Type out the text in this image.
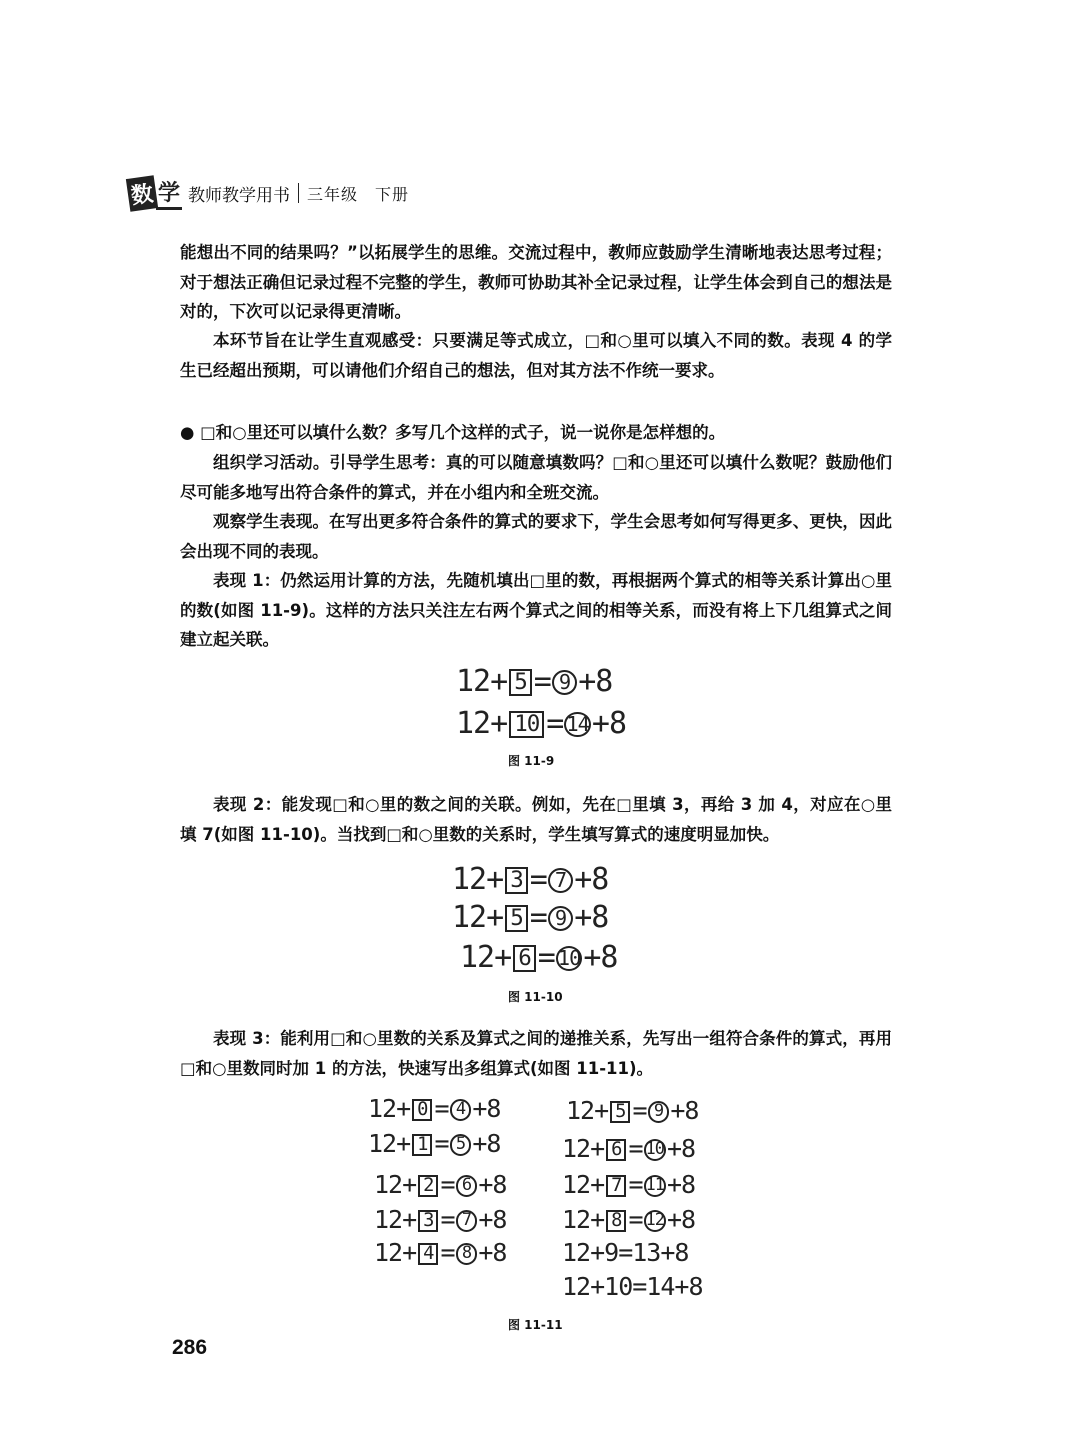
数 学 教师教学用书 三年级　下册

能想出不同的结果吗？”以拓展学生的思维。交流过程中，教师应鼓励学生清晰地表达思考过程；对于想法正确但记录过程不完整的学生，教师可协助其补全记录过程，让学生体会到自己的想法是对的，下次可以记录得更清晰。

本环节旨在让学生直观感受：只要满足等式成立，□和○里可以填入不同的数。表现 4 的学生已经超出预期，可以请他们介绍自己的想法，但对其方法不作统一要求。

● □和○里还可以填什么数？多写几个这样的式子，说一说你是怎样想的。

组织学习活动。引导学生思考：真的可以随意填数吗？□和○里还可以填什么数呢？鼓励他们尽可能多地写出符合条件的算式，并在小组内和全班交流。

观察学生表现。在写出更多符合条件的算式的要求下，学生会思考如何写得更多、更快，因此会出现不同的表现。

表现 1：仍然运用计算的方法，先随机填出□里的数，再根据两个算式的相等关系计算出○里的数(如图 11-9)。这样的方法只关注左右两个算式之间的相等关系，而没有将上下几组算式之间建立起关联。

12+ 5 = 9 +8
12+ 10 = 14 +8
图 11-9

表现 2：能发现□和○里的数之间的关联。例如，先在□里填 3，再给 3 加 4，对应在○里填 7(如图 11-10)。当找到□和○里数的关系时，学生填写算式的速度明显加快。

12+ 3 = 7 +8
12+ 5 = 9 +8
12+ 6 = 10 +8
图 11-10

表现 3：能利用□和○里数的关系及算式之间的递推关系，先写出一组符合条件的算式，再用□和○里数同时加 1 的方法，快速写出多组算式(如图 11-11)。

12+ 0 = 4 +8
12+ 1 = 5 +8
12+ 2 = 6 +8
12+ 3 = 7 +8
12+ 4 = 8 +8
12+ 5 = 9 +8
12+ 6 = 10 +8
12+ 7 = 11 +8
12+ 8 = 12 +8
12+9=13+8
12+10=14+8
图 11-11
286
